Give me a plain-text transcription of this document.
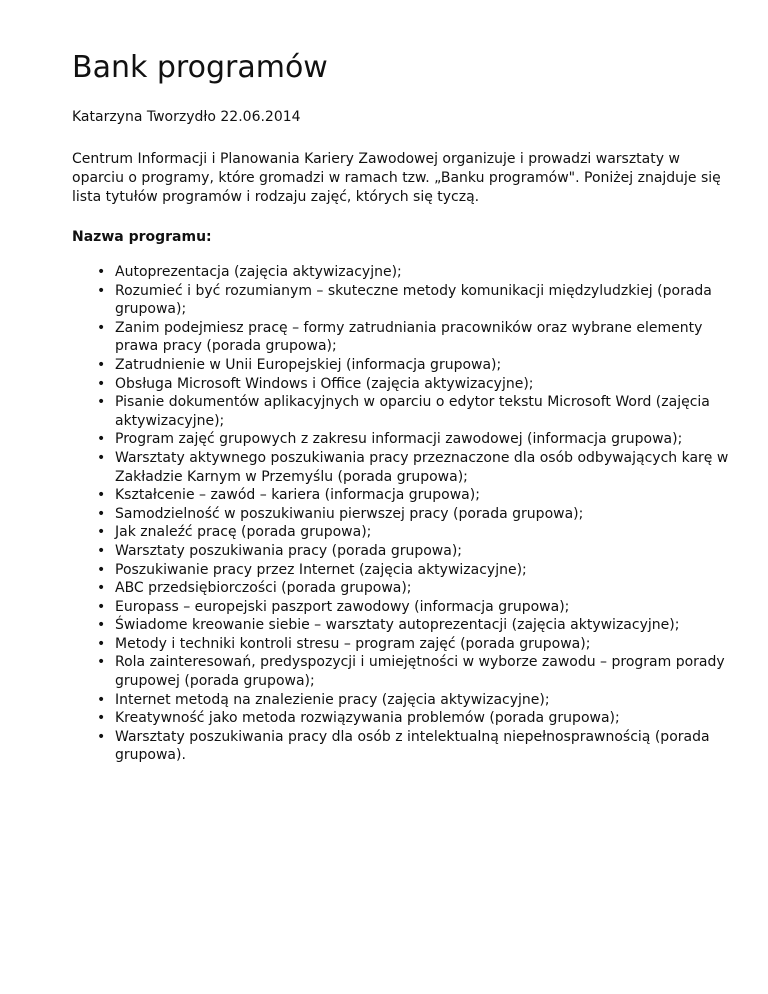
Bank programów

Katarzyna Tworzydło 22.06.2014

Centrum Informacji i Planowania Kariery Zawodowej organizuje i prowadzi warsztaty w oparciu o programy, które gromadzi w ramach tzw. „Banku programów". Poniżej znajduje się lista tytułów programów i rodzaju zajęć, których się tyczą.

Nazwa programu:

• Autoprezentacja (zajęcia aktywizacyjne);
• Rozumieć i być rozumianym – skuteczne metody komunikacji międzyludzkiej (porada grupowa);
• Zanim podejmiesz pracę – formy zatrudniania pracowników oraz wybrane elementy prawa pracy (porada grupowa);
• Zatrudnienie w Unii Europejskiej (informacja grupowa);
• Obsługa Microsoft Windows i Office (zajęcia aktywizacyjne);
• Pisanie dokumentów aplikacyjnych w oparciu o edytor tekstu Microsoft Word (zajęcia aktywizacyjne);
• Program zajęć grupowych z zakresu informacji zawodowej (informacja grupowa);
• Warsztaty aktywnego poszukiwania pracy przeznaczone dla osób odbywających karę w Zakładzie Karnym w Przemyślu (porada grupowa);
• Kształcenie – zawód – kariera (informacja grupowa);
• Samodzielność w poszukiwaniu pierwszej pracy (porada grupowa);
• Jak znaleźć pracę (porada grupowa);
• Warsztaty poszukiwania pracy (porada grupowa);
• Poszukiwanie pracy przez Internet (zajęcia aktywizacyjne);
• ABC przedsiębiorczości (porada grupowa);
• Europass – europejski paszport zawodowy (informacja grupowa);
• Świadome kreowanie siebie – warsztaty autoprezentacji (zajęcia aktywizacyjne);
• Metody i techniki kontroli stresu – program zajęć (porada grupowa);
• Rola zainteresowań, predyspozycji i umiejętności w wyborze zawodu – program porady grupowej (porada grupowa);
• Internet metodą na znalezienie pracy (zajęcia aktywizacyjne);
• Kreatywność jako metoda rozwiązywania problemów (porada grupowa);
• Warsztaty poszukiwania pracy dla osób z intelektualną niepełnosprawnością (porada grupowa).
